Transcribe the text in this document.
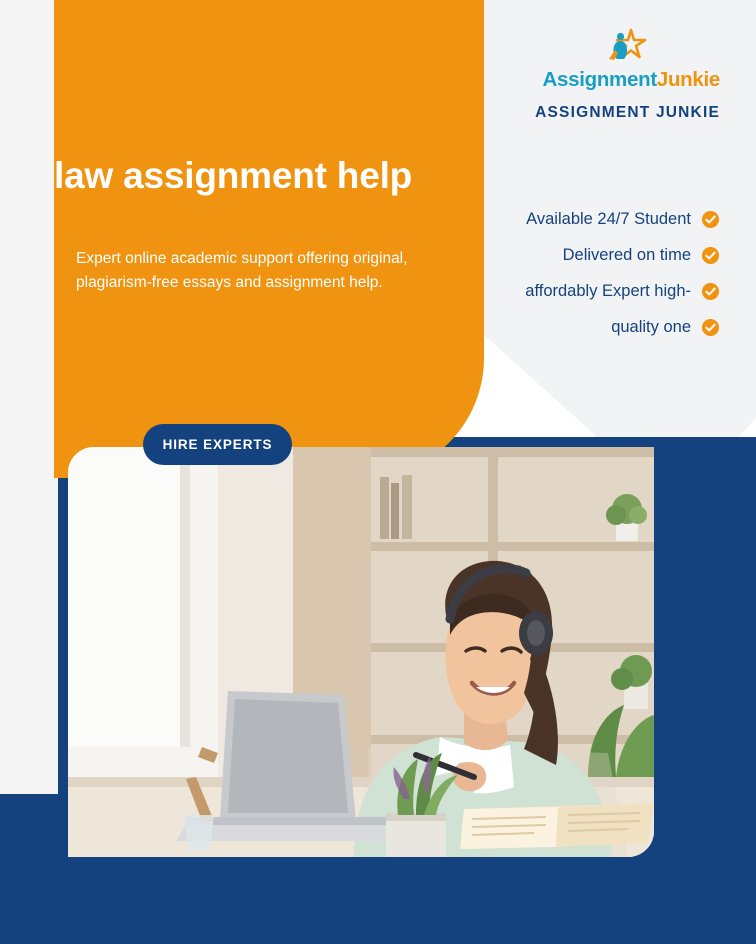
law assignment help

Expert online academic support offering original, plagiarism-free essays and assignment help.

HIRE EXPERTS
AssignmentJunkie
ASSIGNMENT JUNKIE
Available 24/7 Student
Delivered on time
affordably Expert high-
quality one
